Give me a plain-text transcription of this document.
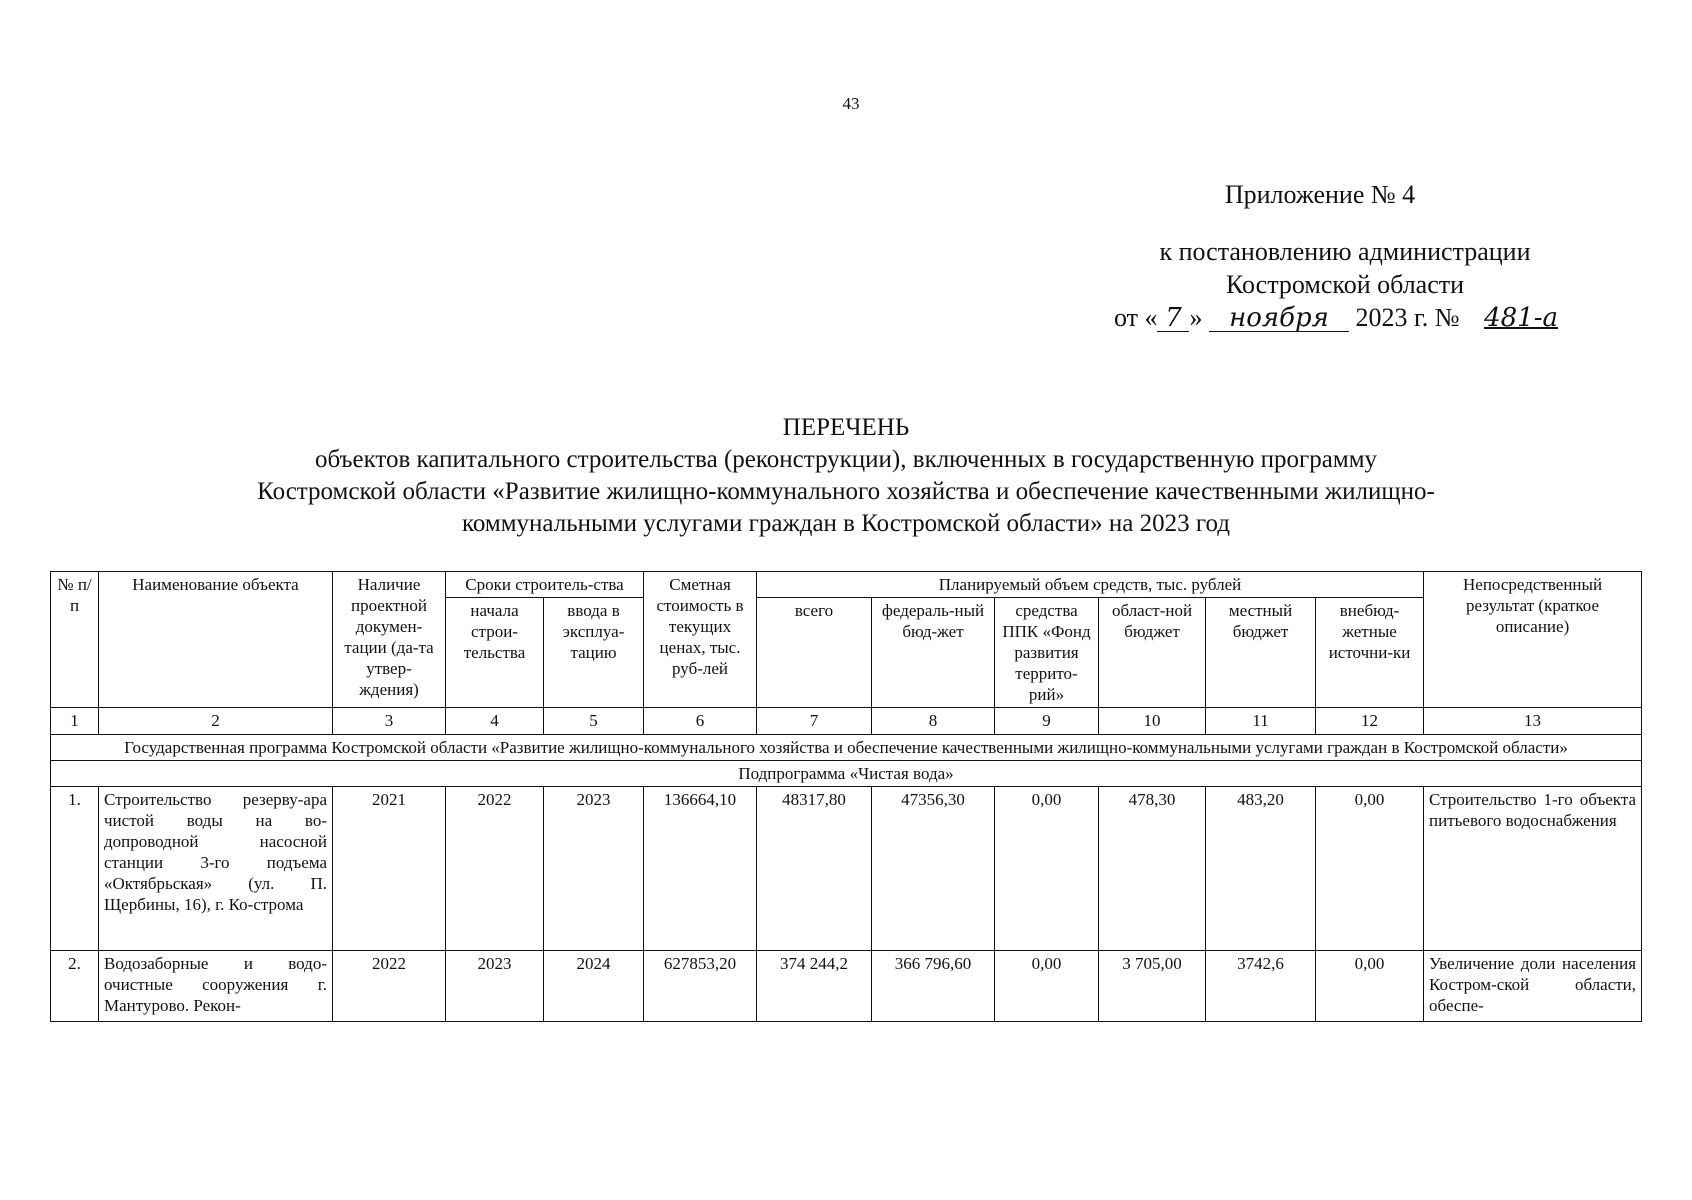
43
Приложение № 4
к постановлению администрации
Костромской области
от « 7 » ноября 2023 г. № 481-а
ПЕРЕЧЕНЬ
объектов капитального строительства (реконструкции), включенных в государственную программу
Костромской области «Развитие жилищно-коммунального хозяйства и обеспечение качественными жилищно-
коммунальными услугами граждан в Костромской области» на 2023 год
№ п/п	Наименование объекта	Наличие проектной докумен-тации (да-та утвер-ждения)	Сроки строитель-ства		Сметная стоимость в текущих ценах, тыс. руб-лей	Планируемый объем средств, тыс. рублей						Непосредственный результат (краткое описание)
			начала строи-тельства	ввода в эксплуа-тацию		всего	федераль-ный бюд-жет	средства ППК «Фонд развития террито-рий»	област-ной бюджет	местный бюджет	внебюд-жетные источни-ки	
1	2	3	4	5	6	7	8	9	10	11	12	13
Государственная программа Костромской области «Развитие жилищно-коммунального хозяйства и обеспечение качественными жилищно-коммунальными услугами граждан в Костромской области»												
Подпрограмма «Чистая вода»												
1.	Строительство резерву-ара чистой воды на во-допроводной насосной станции 3-го подъема «Октябрьская» (ул. П. Щербины, 16), г. Ко-строма	2021	2022	2023	136664,10	48317,80	47356,30	0,00	478,30	483,20	0,00	Строительство 1-го объекта питьевого водоснабжения
2.	Водозаборные и водо-очистные сооружения г. Мантурово. Рекон-	2022	2023	2024	627853,20	374 244,2	366 796,60	0,00	3 705,00	3742,6	0,00	Увеличение доли населения Костром-ской области, обеспе-
